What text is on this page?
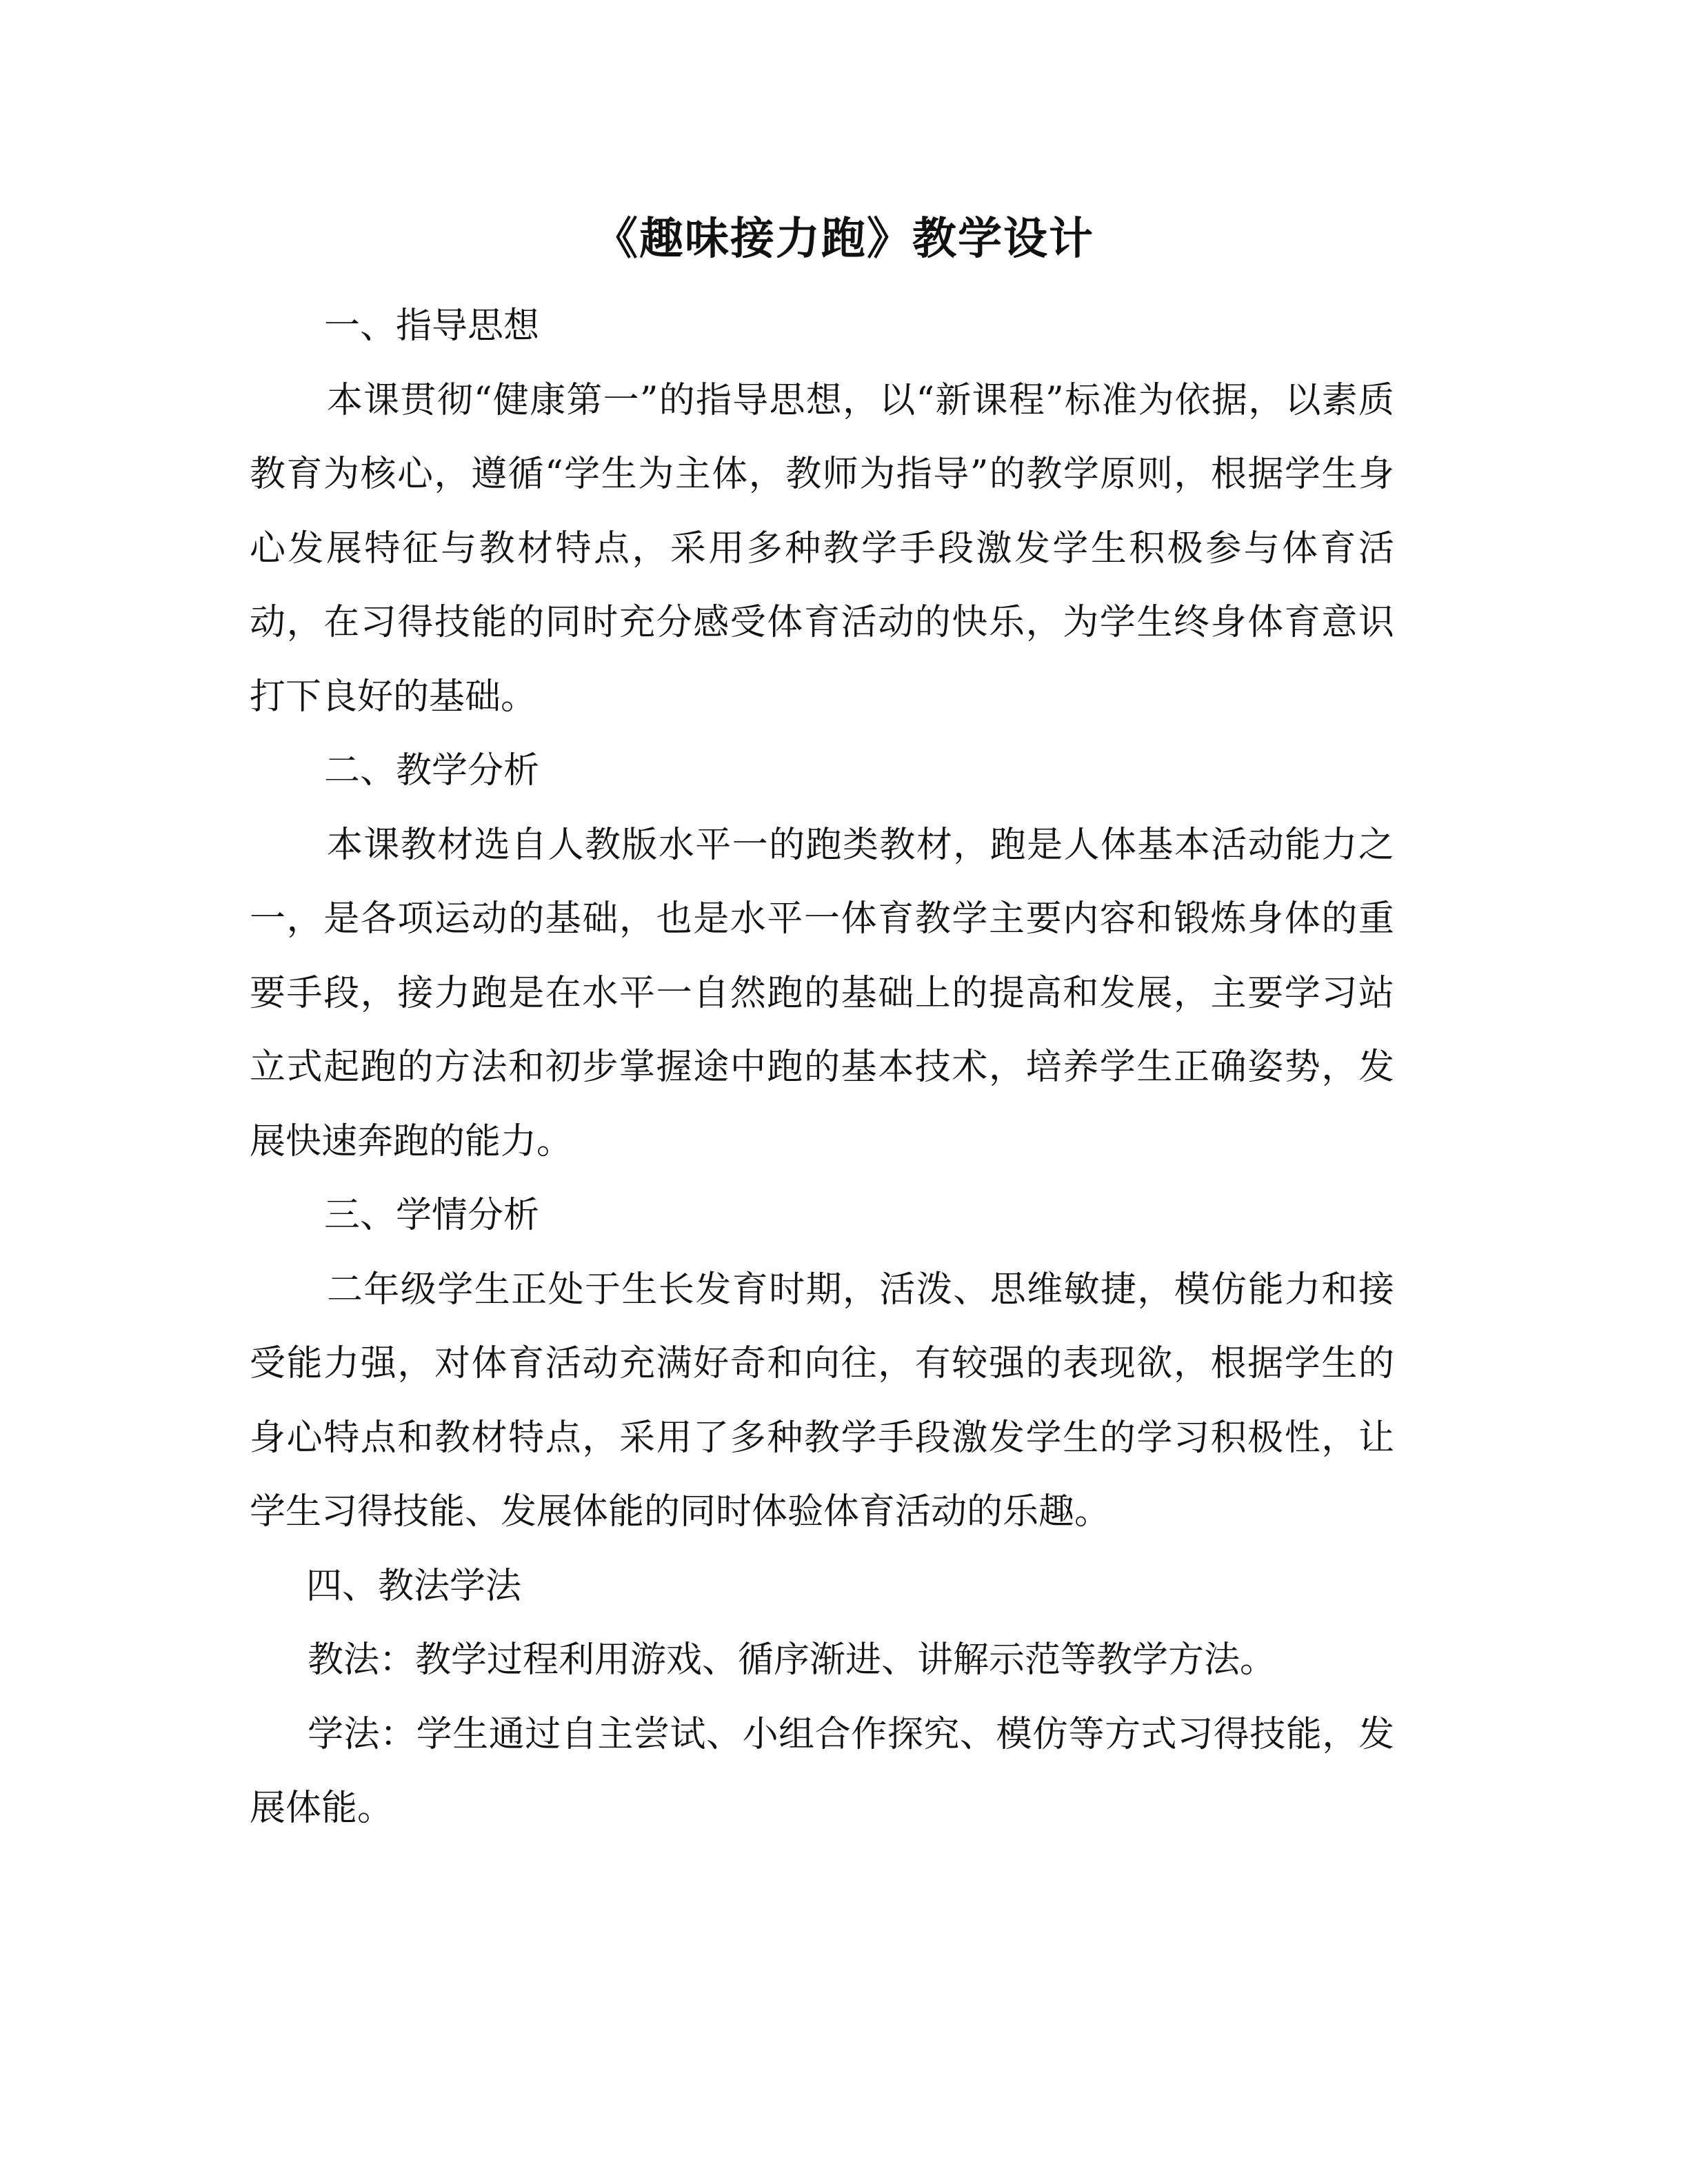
《趣味接力跑》教学设计

一、指导思想

本课贯彻“健康第一”的指导思想，以“新课程”标准为依据，以素质教育为核心，遵循“学生为主体，教师为指导”的教学原则，根据学生身心发展特征与教材特点，采用多种教学手段激发学生积极参与体育活动，在习得技能的同时充分感受体育活动的快乐，为学生终身体育意识打下良好的基础。

二、教学分析

本课教材选自人教版水平一的跑类教材，跑是人体基本活动能力之一，是各项运动的基础，也是水平一体育教学主要内容和锻炼身体的重要手段，接力跑是在水平一自然跑的基础上的提高和发展，主要学习站立式起跑的方法和初步掌握途中跑的基本技术，培养学生正确姿势，发展快速奔跑的能力。

三、学情分析

二年级学生正处于生长发育时期，活泼、思维敏捷，模仿能力和接受能力强，对体育活动充满好奇和向往，有较强的表现欲，根据学生的身心特点和教材特点，采用了多种教学手段激发学生的学习积极性，让学生习得技能、发展体能的同时体验体育活动的乐趣。

四、教法学法

教法：教学过程利用游戏、循序渐进、讲解示范等教学方法。

学法：学生通过自主尝试、小组合作探究、模仿等方式习得技能，发展体能。
